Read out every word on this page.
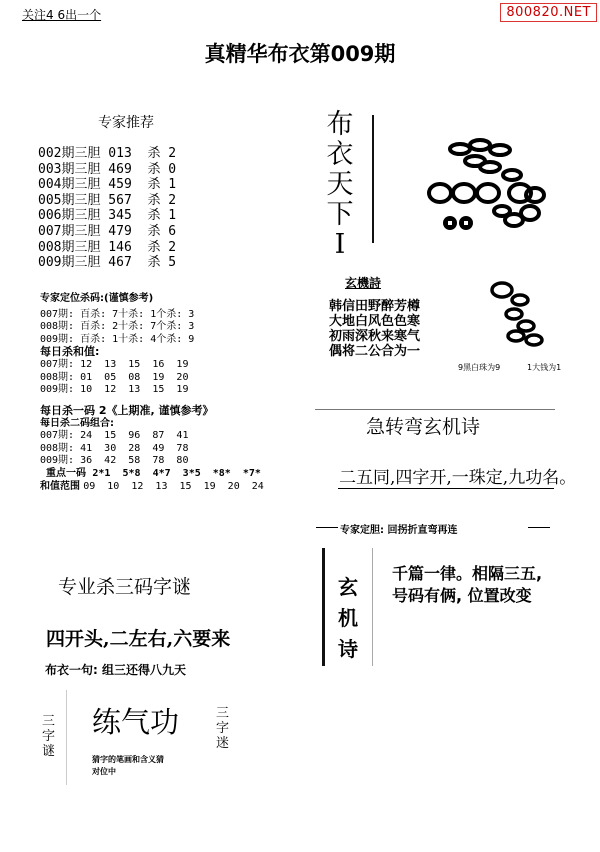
800820.NET
关注4 6出一个
真精华布衣第009期
专家推荐
002期三胆 013  杀 2
003期三胆 469  杀 0
004期三胆 459  杀 1
005期三胆 567  杀 2
006期三胆 345  杀 1
007期三胆 479  杀 6
008期三胆 146  杀 2
009期三胆 467  杀 5
专家定位杀码:(谨慎参考)
007期: 百杀: 7十杀: 1个杀: 3
008期: 百杀: 2十杀: 7个杀: 3
009期: 百杀: 1十杀: 4个杀: 9
每日杀和值:
007期: 12  13  15  16  19
008期: 01  05  08  19  20
009期: 10  12  13  15  19
每日杀一码 2《上期准, 谨慎参考》
每日杀二码组合:
007期: 24  15  96  87  41
008期: 41  30  28  49  78
009期: 36  42  58  78  80
重点一码 2*1  5*8  4*7  3*5  *8*  *7*
和值范围 09  10  12  13  15  19  20  24
专业杀三码字谜
四开头,二左右,六要来
布衣一句: 组三还得八九天
三字谜
三字迷
练气功
猜字的笔画和含义猜
对位中
布
衣
天
下
I
玄機詩
韩信田野醉芳樽
大地白风色色寒
初雨深秋来寒气
偶将二公合为一
9黑白珠为9	1大钱为1
急转弯玄机诗
二五同,四字开,一珠定,九功名。
专家定胆: 回拐折直弯再连
玄
机
诗
千篇一律。相隔三五,
号码有俩, 位置改变
